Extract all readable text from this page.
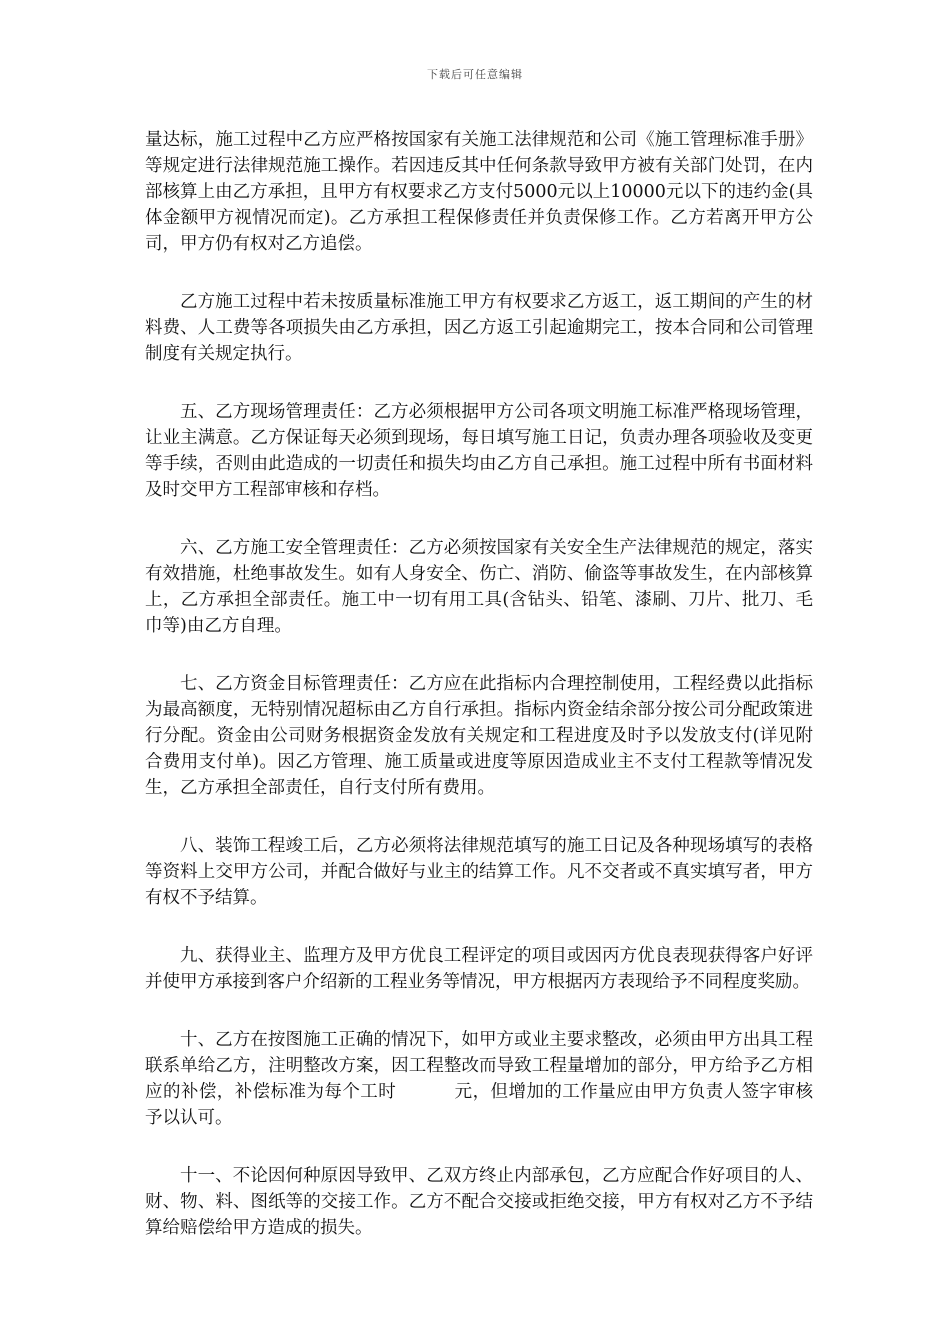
下载后可任意编辑

量达标，施工过程中乙方应严格按国家有关施工法律规范和公司《施工管理标准手册》等规定进行法律规范施工操作。若因违反其中任何条款导致甲方被有关部门处罚，在内部核算上由乙方承担，且甲方有权要求乙方支付5000元以上10000元以下的违约金(具体金额甲方视情况而定)。乙方承担工程保修责任并负责保修工作。乙方若离开甲方公司，甲方仍有权对乙方追偿。

乙方施工过程中若未按质量标准施工甲方有权要求乙方返工，返工期间的产生的材料费、人工费等各项损失由乙方承担，因乙方返工引起逾期完工，按本合同和公司管理制度有关规定执行。

五、乙方现场管理责任：乙方必须根据甲方公司各项文明施工标准严格现场管理，让业主满意。乙方保证每天必须到现场，每日填写施工日记，负责办理各项验收及变更等手续，否则由此造成的一切责任和损失均由乙方自己承担。施工过程中所有书面材料及时交甲方工程部审核和存档。

六、乙方施工安全管理责任：乙方必须按国家有关安全生产法律规范的规定，落实有效措施，杜绝事故发生。如有人身安全、伤亡、消防、偷盗等事故发生，在内部核算上，乙方承担全部责任。施工中一切有用工具(含钻头、铅笔、漆刷、刀片、批刀、毛巾等)由乙方自理。

七、乙方资金目标管理责任：乙方应在此指标内合理控制使用，工程经费以此指标为最高额度，无特别情况超标由乙方自行承担。指标内资金结余部分按公司分配政策进行分配。资金由公司财务根据资金发放有关规定和工程进度及时予以发放支付(详见附合费用支付单)。因乙方管理、施工质量或进度等原因造成业主不支付工程款等情况发生，乙方承担全部责任，自行支付所有费用。

八、装饰工程竣工后，乙方必须将法律规范填写的施工日记及各种现场填写的表格等资料上交甲方公司，并配合做好与业主的结算工作。凡不交者或不真实填写者，甲方有权不予结算。

九、获得业主、监理方及甲方优良工程评定的项目或因丙方优良表现获得客户好评并使甲方承接到客户介绍新的工程业务等情况，甲方根据丙方表现给予不同程度奖励。

十、乙方在按图施工正确的情况下，如甲方或业主要求整改，必须由甲方出具工程联系单给乙方，注明整改方案，因工程整改而导致工程量增加的部分，甲方给予乙方相应的补偿，补偿标准为每个工时	元，但增加的工作量应由甲方负责人签字审核予以认可。

十一、不论因何种原因导致甲、乙双方终止内部承包，乙方应配合作好项目的人、财、物、料、图纸等的交接工作。乙方不配合交接或拒绝交接，甲方有权对乙方不予结算给赔偿给甲方造成的损失。
